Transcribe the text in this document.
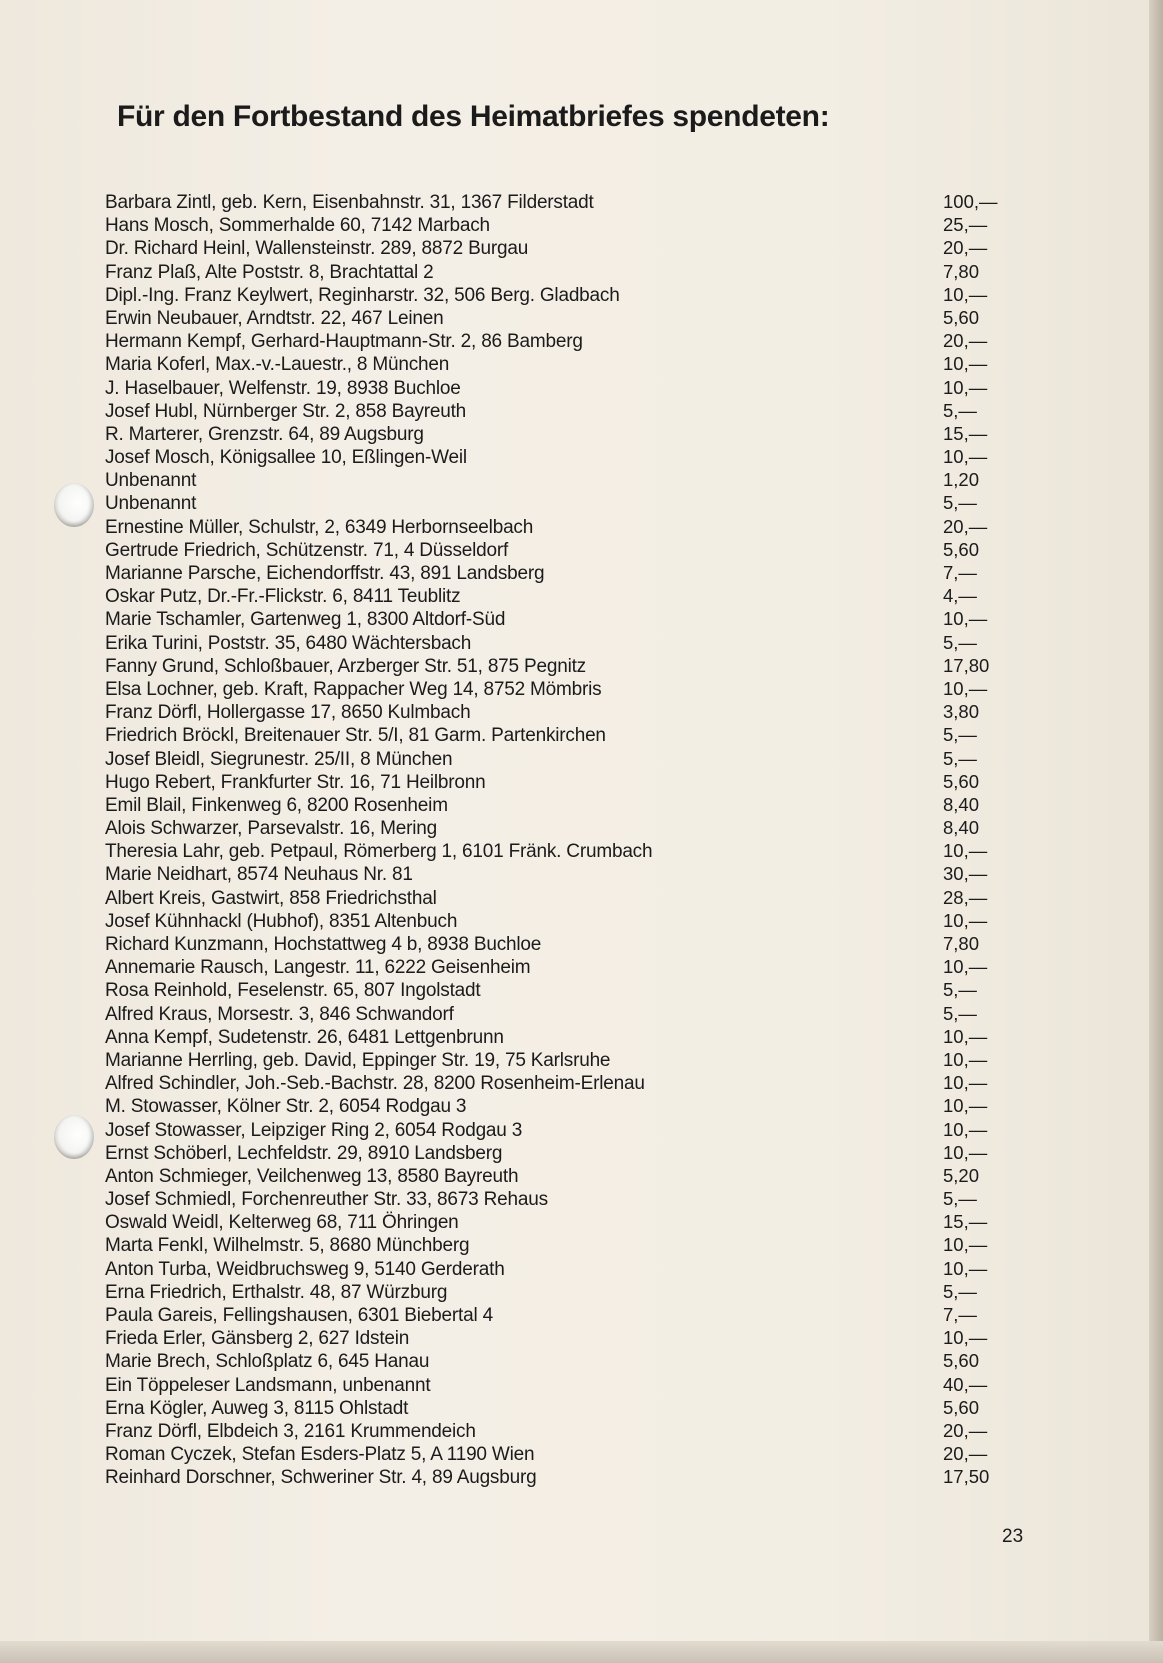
Für den Fortbestand des Heimatbriefes spendeten:
Barbara Zintl, geb. Kern, Eisenbahnstr. 31, 1367 Filderstadt	100,—
Hans Mosch, Sommerhalde 60, 7142 Marbach	25,—
Dr. Richard Heinl, Wallensteinstr. 289, 8872 Burgau	20,—
Franz Plaß, Alte Poststr. 8, Brachtattal 2	7,80
Dipl.-Ing. Franz Keylwert, Reginharstr. 32, 506 Berg. Gladbach	10,—
Erwin Neubauer, Arndtstr. 22, 467 Leinen	5,60
Hermann Kempf, Gerhard-Hauptmann-Str. 2, 86 Bamberg	20,—
Maria Koferl, Max.-v.-Lauestr., 8 München	10,—
J. Haselbauer, Welfenstr. 19, 8938 Buchloe	10,—
Josef Hubl, Nürnberger Str. 2, 858 Bayreuth	5,—
R. Marterer, Grenzstr. 64, 89 Augsburg	15,—
Josef Mosch, Königsallee 10, Eßlingen-Weil	10,—
Unbenannt	1,20
Unbenannt	5,—
Ernestine Müller, Schulstr, 2, 6349 Herbornseelbach	20,—
Gertrude Friedrich, Schützenstr. 71, 4 Düsseldorf	5,60
Marianne Parsche, Eichendorffstr. 43, 891 Landsberg	7,—
Oskar Putz, Dr.-Fr.-Flickstr. 6, 8411 Teublitz	4,—
Marie Tschamler, Gartenweg 1, 8300 Altdorf-Süd	10,—
Erika Turini, Poststr. 35, 6480 Wächtersbach	5,—
Fanny Grund, Schloßbauer, Arzberger Str. 51, 875 Pegnitz	17,80
Elsa Lochner, geb. Kraft, Rappacher Weg 14, 8752 Mömbris	10,—
Franz Dörfl, Hollergasse 17, 8650 Kulmbach	3,80
Friedrich Bröckl, Breitenauer Str. 5/I, 81 Garm. Partenkirchen	5,—
Josef Bleidl, Siegrunestr. 25/II, 8 München	5,—
Hugo Rebert, Frankfurter Str. 16, 71 Heilbronn	5,60
Emil Blail, Finkenweg 6, 8200 Rosenheim	8,40
Alois Schwarzer, Parsevalstr. 16, Mering	8,40
Theresia Lahr, geb. Petpaul, Römerberg 1, 6101 Fränk. Crumbach	10,—
Marie Neidhart, 8574 Neuhaus Nr. 81	30,—
Albert Kreis, Gastwirt, 858 Friedrichsthal	28,—
Josef Kühnhackl (Hubhof), 8351 Altenbuch	10,—
Richard Kunzmann, Hochstattweg 4 b, 8938 Buchloe	7,80
Annemarie Rausch, Langestr. 11, 6222 Geisenheim	10,—
Rosa Reinhold, Feselenstr. 65, 807 Ingolstadt	5,—
Alfred Kraus, Morsestr. 3, 846 Schwandorf	5,—
Anna Kempf, Sudetenstr. 26, 6481 Lettgenbrunn	10,—
Marianne Herrling, geb. David, Eppinger Str. 19, 75 Karlsruhe	10,—
Alfred Schindler, Joh.-Seb.-Bachstr. 28, 8200 Rosenheim-Erlenau	10,—
M. Stowasser, Kölner Str. 2, 6054 Rodgau 3	10,—
Josef Stowasser, Leipziger Ring 2, 6054 Rodgau 3	10,—
Ernst Schöberl, Lechfeldstr. 29, 8910 Landsberg	10,—
Anton Schmieger, Veilchenweg 13, 8580 Bayreuth	5,20
Josef Schmiedl, Forchenreuther Str. 33, 8673 Rehaus	5,—
Oswald Weidl, Kelterweg 68, 711 Öhringen	15,—
Marta Fenkl, Wilhelmstr. 5, 8680 Münchberg	10,—
Anton Turba, Weidbruchsweg 9, 5140 Gerderath	10,—
Erna Friedrich, Erthalstr. 48, 87 Würzburg	5,—
Paula Gareis, Fellingshausen, 6301 Biebertal 4	7,—
Frieda Erler, Gänsberg 2, 627 Idstein	10,—
Marie Brech, Schloßplatz 6, 645 Hanau	5,60
Ein Töppeleser Landsmann, unbenannt	40,—
Erna Kögler, Auweg 3, 8115 Ohlstadt	5,60
Franz Dörfl, Elbdeich 3, 2161 Krummendeich	20,—
Roman Cyczek, Stefan Esders-Platz 5, A 1190 Wien	20,—
Reinhard Dorschner, Schweriner Str. 4, 89 Augsburg	17,50
23
